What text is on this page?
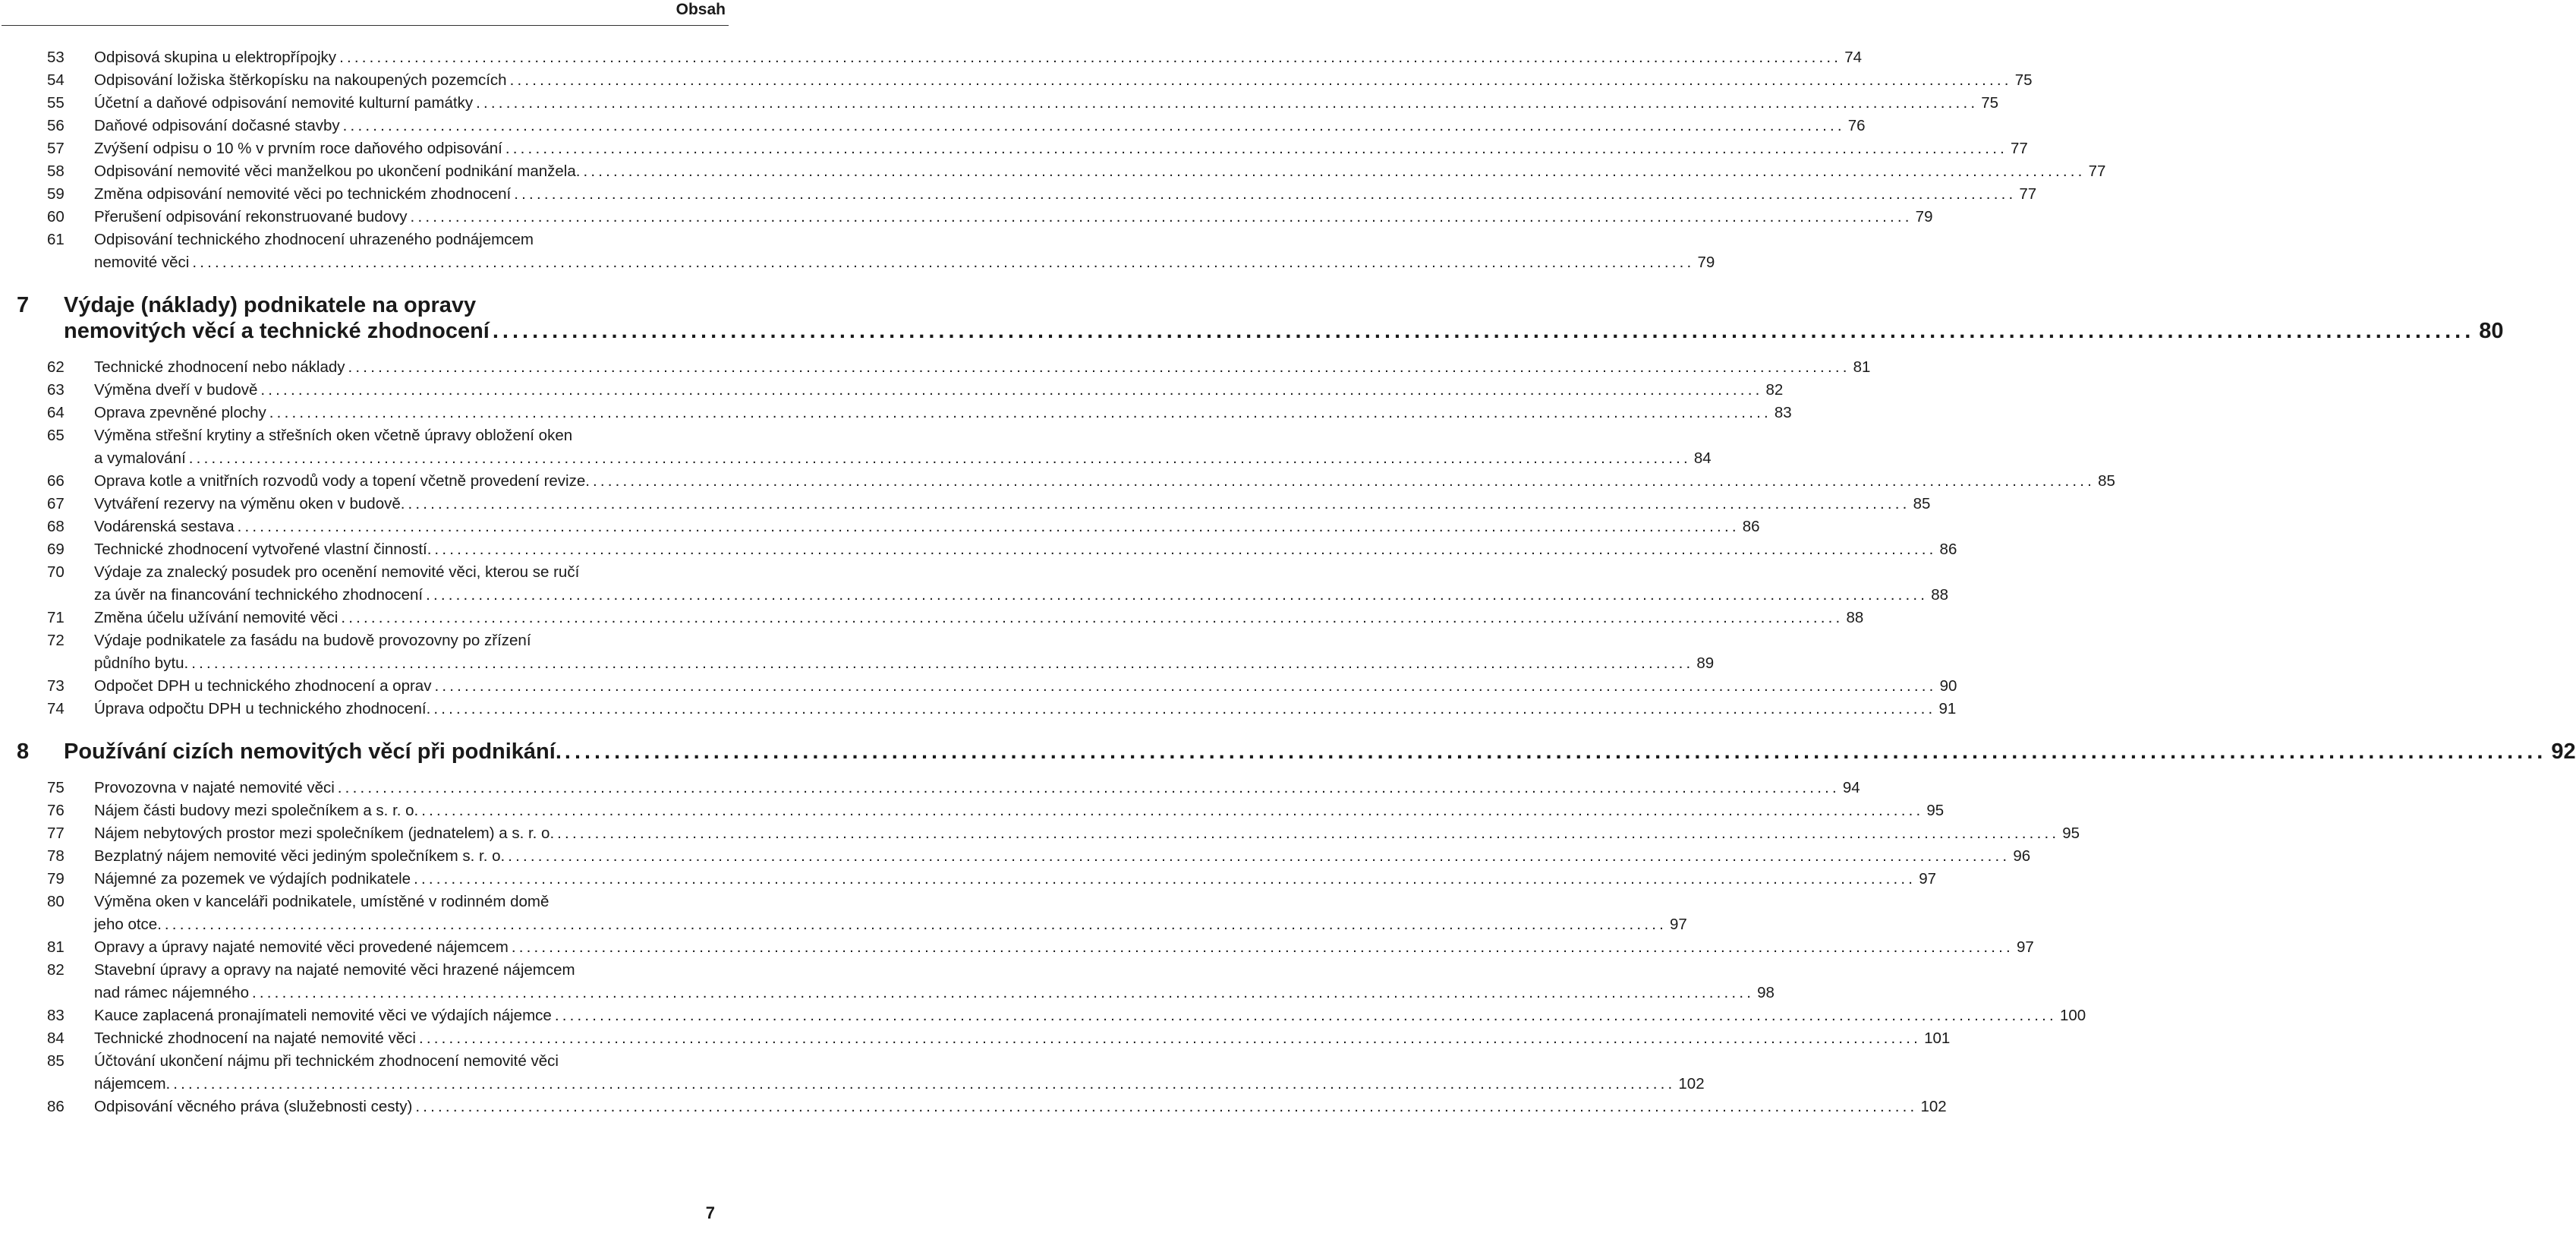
Obsah
53	Odpisová skupina u elektropřípojky ........................................................................................................................................................................................................ 74
54	Odpisování ložiska štěrkopísku na nakoupených pozemcích ........................................................................................................................................................................................................ 75
55	Účetní a daňové odpisování nemovité kulturní památky ........................................................................................................................................................................................................ 75
56	Daňové odpisování dočasné stavby ........................................................................................................................................................................................................ 76
57	Zvýšení odpisu o 10 % v prvním roce daňového odpisování ........................................................................................................................................................................................................ 77
58	Odpisování nemovité věci manželkou po ukončení podnikání manžela. ........................................................................................................................................................................................................ 77
59	Změna odpisování nemovité věci po technickém zhodnocení ........................................................................................................................................................................................................ 77
60	Přerušení odpisování rekonstruované budovy ........................................................................................................................................................................................................ 79
61	Odpisování technického zhodnocení uhrazeného podnájemcem
nemovité věci ........................................................................................................................................................................................................ 79
7	Výdaje (náklady) podnikatele na opravy
nemovitých věcí a technické zhodnocení ........................................................................................................................................................................................................ 80
62	Technické zhodnocení nebo náklady ........................................................................................................................................................................................................ 81
63	Výměna dveří v budově ........................................................................................................................................................................................................ 82
64	Oprava zpevněné plochy ........................................................................................................................................................................................................ 83
65	Výměna střešní krytiny a střešních oken včetně úpravy obložení oken
a vymalování ........................................................................................................................................................................................................ 84
66	Oprava kotle a vnitřních rozvodů vody a topení včetně provedení revize. ........................................................................................................................................................................................................ 85
67	Vytváření rezervy na výměnu oken v budově. ........................................................................................................................................................................................................ 85
68	Vodárenská sestava ........................................................................................................................................................................................................ 86
69	Technické zhodnocení vytvořené vlastní činností. ........................................................................................................................................................................................................ 86
70	Výdaje za znalecký posudek pro ocenění nemovité věci, kterou se ručí
za úvěr na financování technického zhodnocení ........................................................................................................................................................................................................ 88
71	Změna účelu užívání nemovité věci ........................................................................................................................................................................................................ 88
72	Výdaje podnikatele za fasádu na budově provozovny po zřízení
půdního bytu. ........................................................................................................................................................................................................ 89
73	Odpočet DPH u technického zhodnocení a oprav ........................................................................................................................................................................................................ 90
74	Úprava odpočtu DPH u technického zhodnocení. ........................................................................................................................................................................................................ 91
8	Používání cizích nemovitých věcí při podnikání. ........................................................................................................................................................................................................ 92
75	Provozovna v najaté nemovité věci ........................................................................................................................................................................................................ 94
76	Nájem části budovy mezi společníkem a s. r. o. ........................................................................................................................................................................................................ 95
77	Nájem nebytových prostor mezi společníkem (jednatelem) a s. r. o. ........................................................................................................................................................................................................ 95
78	Bezplatný nájem nemovité věci jediným společníkem s. r. o. ........................................................................................................................................................................................................ 96
79	Nájemné za pozemek ve výdajích podnikatele ........................................................................................................................................................................................................ 97
80	Výměna oken v kanceláři podnikatele, umístěné v rodinném domě
jeho otce. ........................................................................................................................................................................................................ 97
81	Opravy a úpravy najaté nemovité věci provedené nájemcem ........................................................................................................................................................................................................ 97
82	Stavební úpravy a opravy na najaté nemovité věci hrazené nájemcem
nad rámec nájemného ........................................................................................................................................................................................................ 98
83	Kauce zaplacená pronajímateli nemovité věci ve výdajích nájemce ........................................................................................................................................................................................................ 100
84	Technické zhodnocení na najaté nemovité věci ........................................................................................................................................................................................................ 101
85	Účtování ukončení nájmu při technickém zhodnocení nemovité věci
nájemcem. ........................................................................................................................................................................................................ 102
86	Odpisování věcného práva (služebnosti cesty) ........................................................................................................................................................................................................ 102
7
